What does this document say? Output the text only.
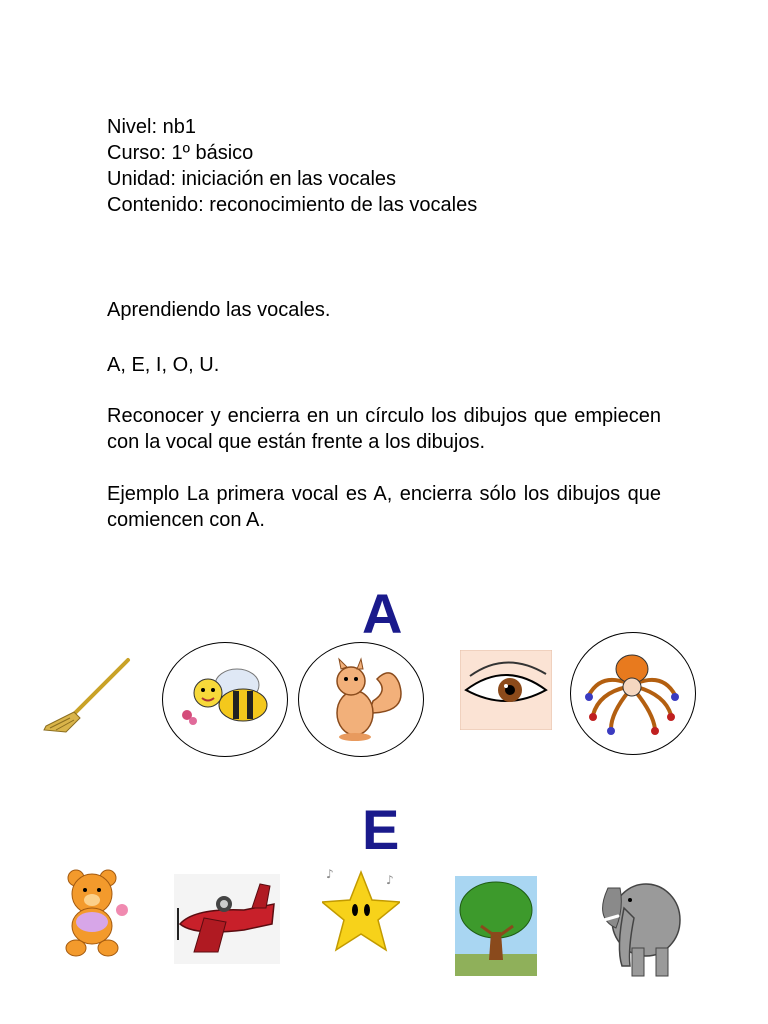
Nivel: nb1
Curso: 1º básico
Unidad: iniciación en las vocales
Contenido: reconocimiento de las vocales
Aprendiendo las vocales.
A, E, I, O, U.
Reconocer y encierra en un círculo los dibujos que empiecen con la vocal que están frente a los dibujos.
Ejemplo La primera vocal es A, encierra sólo los dibujos que comiencen con A.
A
E
♪	♪
